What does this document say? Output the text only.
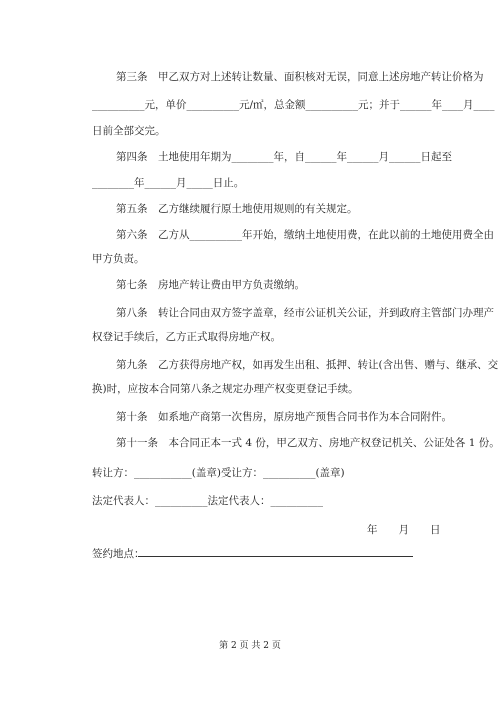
第三条　甲乙双方对上述转让数量、面积核对无误，同意上述房地产转让价格为
__________元，单价__________元/㎡，总金额__________元；并于______年____月____
日前全部交完。
第四条　土地使用年期为________年，自______年______月______日起至
________年______月_____日止。
第五条　乙方继续履行原土地使用规则的有关规定。
第六条　乙方从__________年开始，缴纳土地使用费，在此以前的土地使用费全由
甲方负责。
第七条　房地产转让费由甲方负责缴纳。
第八条　转让合同由双方签字盖章，经市公证机关公证，并到政府主管部门办理产
权登记手续后，乙方正式取得房地产权。
第九条　乙方获得房地产权，如再发生出租、抵押、转让(含出售、赠与、继承、交
换)时，应按本合同第八条之规定办理产权变更登记手续。
第十条　如系地产商第一次售房，原房地产预售合同书作为本合同附件。
第十一条　本合同正本一式 4 份，甲乙双方、房地产权登记机关、公证处各 1 份。
转让方：___________(盖章)受让方：__________(盖章)
法定代表人：__________法定代表人：__________
年　　月　　日
签约地点：
第 2 页 共 2 页
